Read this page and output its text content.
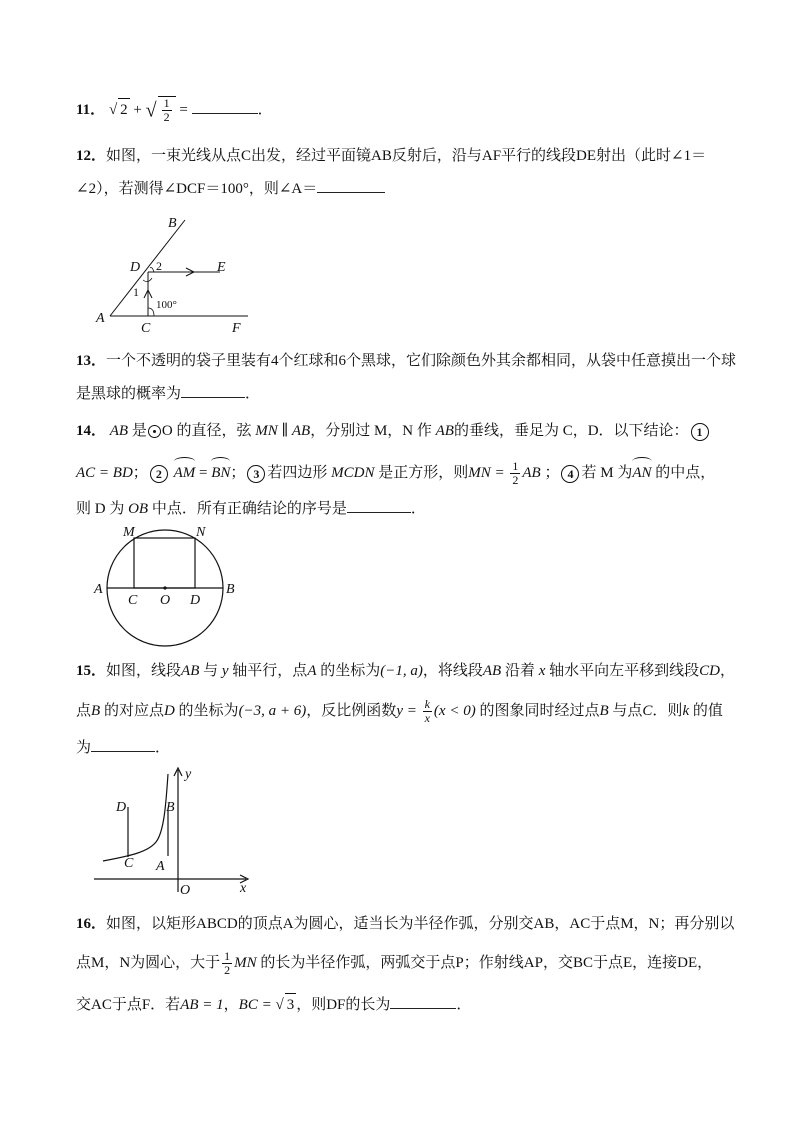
11． √ 2 + √ $\frac{1}{2}$ =	．
12．如图，一束光线从点C出发，经过平面镜AB反射后，沿与AF平行的线段DE射出（此时∠1＝
∠2），若测得∠DCF＝100°，则∠A＝
B
D 2	E
1
100°
A
C	F
13．一个不透明的袋子里装有4个红球和6个黑球，它们除颜色外其余都相同，从袋中任意摸出一个球
是黑球的概率为	．
14． AB 是 O 的直径，弦 MN ∥ AB，分别过 M，N 作 AB的垂线，垂足为 C，D．以下结论： 1
AC = BD； 2 AM = BN； 3 若四边形 MCDN 是正方形，则MN = $\frac{1}{2}$ AB ； 4 若 M 为AN 的中点，
则 D 为 OB 中点．所有正确结论的序号是	．
M	N
A	B
C O D
15．如图，线段AB 与 y 轴平行，点A 的坐标为(−1, a)，将线段AB 沿着 x 轴水平向左平移到线段CD，
点B 的对应点D 的坐标为(−3, a + 6)，反比例函数$y = \frac{k}{x} (x < 0)$ 的图象同时经过点B 与点C．则k 的值
为	．
y
D	B
C A
O	x
16．如图，以矩形ABCD的顶点A为圆心，适当长为半径作弧，分别交AB，AC于点M，N；再分别以
点M，N为圆心，大于 $\frac{1}{2}$ MN 的长为半径作弧，两弧交于点P；作射线AP，交BC于点E，连接DE，
交AC于点F．若AB = 1，BC = √ 3 ，则DF的长为	．
